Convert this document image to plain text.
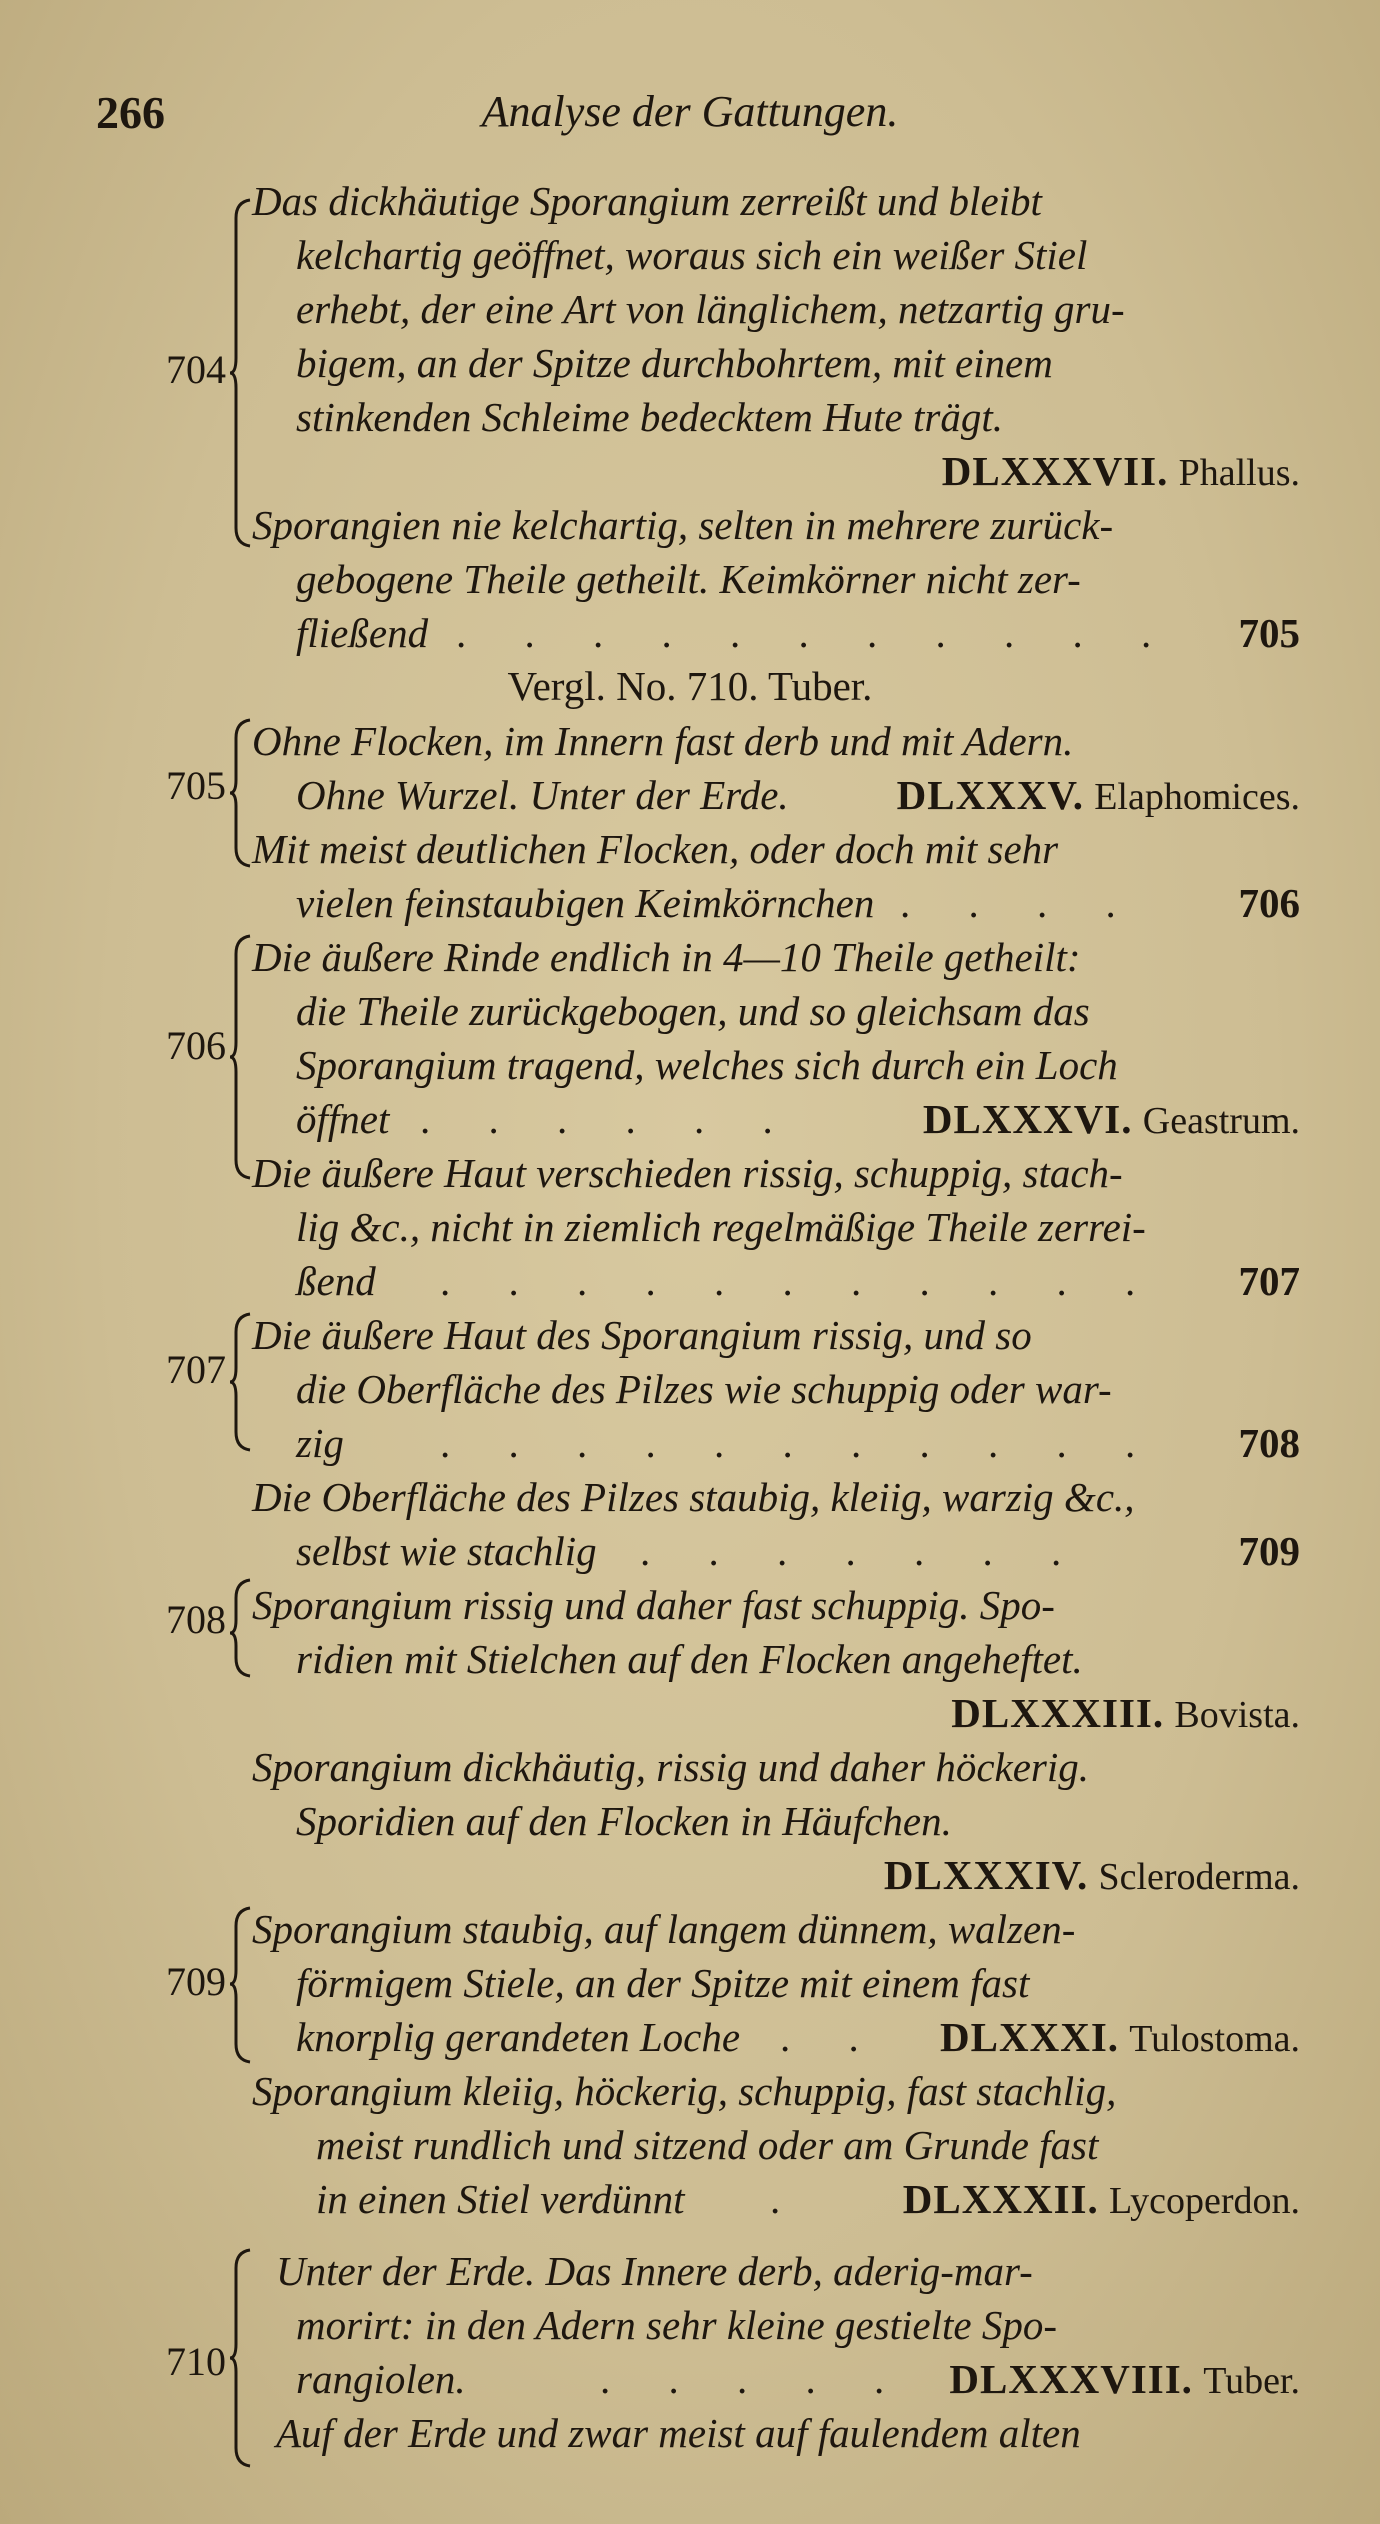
266	Analyse der Gattungen.
704
Das dickhäutige Sporangium zerreißt und bleibt
kelchartig geöffnet, woraus sich ein weißer Stiel
erhebt, der eine Art von länglichem, netzartig gru-
bigem, an der Spitze durchbohrtem, mit einem
stinkenden Schleime bedecktem Hute trägt.
DLXXXVII. Phallus.
Sporangien nie kelchartig, selten in mehrere zurück-
gebogene Theile getheilt. Keimkörner nicht zer-
fließend . . . . . . . . . . . 705
Vergl. No. 710. Tuber.
705
Ohne Flocken, im Innern fast derb und mit Adern.
Ohne Wurzel. Unter der Erde.	DLXXXV. Elaphomices.
Mit meist deutlichen Flocken, oder doch mit sehr
vielen feinstaubigen Keimkörnchen . . . . 706
706
Die äußere Rinde endlich in 4—10 Theile getheilt:
die Theile zurückgebogen, und so gleichsam das
Sporangium tragend, welches sich durch ein Loch
öffnet . . . . . .	DLXXXVI. Geastrum.
Die äußere Haut verschieden rissig, schuppig, stach-
lig &c., nicht in ziemlich regelmäßige Theile zerrei-
ßend . . . . . . . . . . . 707
707
Die äußere Haut des Sporangium rissig, und so
die Oberfläche des Pilzes wie schuppig oder war-
zig . . . . . . . . . . . 708
Die Oberfläche des Pilzes staubig, kleiig, warzig &c.,
selbst wie stachlig . . . . . . .	709
708 Sporangium rissig und daher fast schuppig. Spo-
ridien mit Stielchen auf den Flocken angeheftet.
DLXXXIII. Bovista.
Sporangium dickhäutig, rissig und daher höckerig.
Sporidien auf den Flocken in Häufchen.
DLXXXIV. Scleroderma.
709
Sporangium staubig, auf langem dünnem, walzen-
förmigem Stiele, an der Spitze mit einem fast
knorplig gerandeten Loche . . DLXXXI. Tulostoma.
Sporangium kleiig, höckerig, schuppig, fast stachlig,
meist rundlich und sitzend oder am Grunde fast
in einen Stiel verdünnt . DLXXXII. Lycoperdon.
710
Unter der Erde. Das Innere derb, aderig-mar-
morirt: in den Adern sehr kleine gestielte Spo-
rangiolen.	. . . . . DLXXXVIII. Tuber.
Auf der Erde und zwar meist auf faulendem alten
